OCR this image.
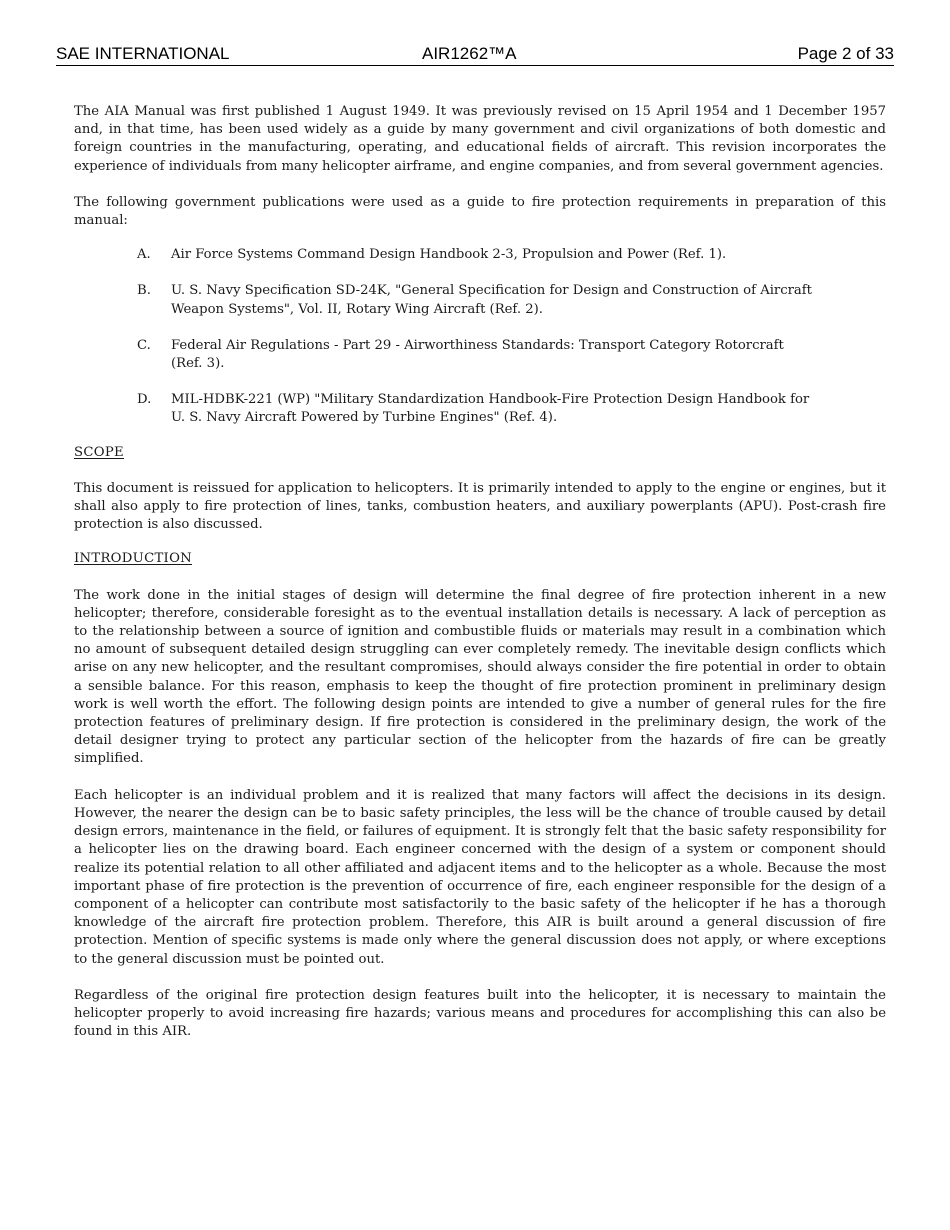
SAE INTERNATIONAL	AIR1262™A	Page 2 of 33

The AIA Manual was first published 1 August 1949. It was previously revised on 15 April 1954 and 1 December 1957 and, in that time, has been used widely as a guide by many government and civil organizations of both domestic and foreign countries in the manufacturing, operating, and educational fields of aircraft. This revision incorporates the experience of individuals from many helicopter airframe, and engine companies, and from several government agencies.

The following government publications were used as a guide to fire protection requirements in preparation of this manual:

A.	Air Force Systems Command Design Handbook 2-3, Propulsion and Power (Ref. 1).
B.	U. S. Navy Specification SD-24K, "General Specification for Design and Construction of Aircraft Weapon Systems", Vol. II, Rotary Wing Aircraft (Ref. 2).
C.	Federal Air Regulations - Part 29 - Airworthiness Standards: Transport Category Rotorcraft (Ref. 3).
D.	MIL-HDBK-221 (WP) "Military Standardization Handbook-Fire Protection Design Handbook for U. S. Navy Aircraft Powered by Turbine Engines" (Ref. 4).

SCOPE

This document is reissued for application to helicopters. It is primarily intended to apply to the engine or engines, but it shall also apply to fire protection of lines, tanks, combustion heaters, and auxiliary powerplants (APU). Post-crash fire protection is also discussed.

INTRODUCTION

The work done in the initial stages of design will determine the final degree of fire protection inherent in a new helicopter; therefore, considerable foresight as to the eventual installation details is necessary. A lack of perception as to the relationship between a source of ignition and combustible fluids or materials may result in a combination which no amount of subsequent detailed design struggling can ever completely remedy. The inevitable design conflicts which arise on any new helicopter, and the resultant compromises, should always consider the fire potential in order to obtain a sensible balance. For this reason, emphasis to keep the thought of fire protection prominent in preliminary design work is well worth the effort. The following design points are intended to give a number of general rules for the fire protection features of preliminary design. If fire protection is considered in the preliminary design, the work of the detail designer trying to protect any particular section of the helicopter from the hazards of fire can be greatly simplified.

Each helicopter is an individual problem and it is realized that many factors will affect the decisions in its design. However, the nearer the design can be to basic safety principles, the less will be the chance of trouble caused by detail design errors, maintenance in the field, or failures of equipment. It is strongly felt that the basic safety responsibility for a helicopter lies on the drawing board. Each engineer concerned with the design of a system or component should realize its potential relation to all other affiliated and adjacent items and to the helicopter as a whole. Because the most important phase of fire protection is the prevention of occurrence of fire, each engineer responsible for the design of a component of a helicopter can contribute most satisfactorily to the basic safety of the helicopter if he has a thorough knowledge of the aircraft fire protection problem. Therefore, this AIR is built around a general discussion of fire protection. Mention of specific systems is made only where the general discussion does not apply, or where exceptions to the general discussion must be pointed out.

Regardless of the original fire protection design features built into the helicopter, it is necessary to maintain the helicopter properly to avoid increasing fire hazards; various means and procedures for accomplishing this can also be found in this AIR.
